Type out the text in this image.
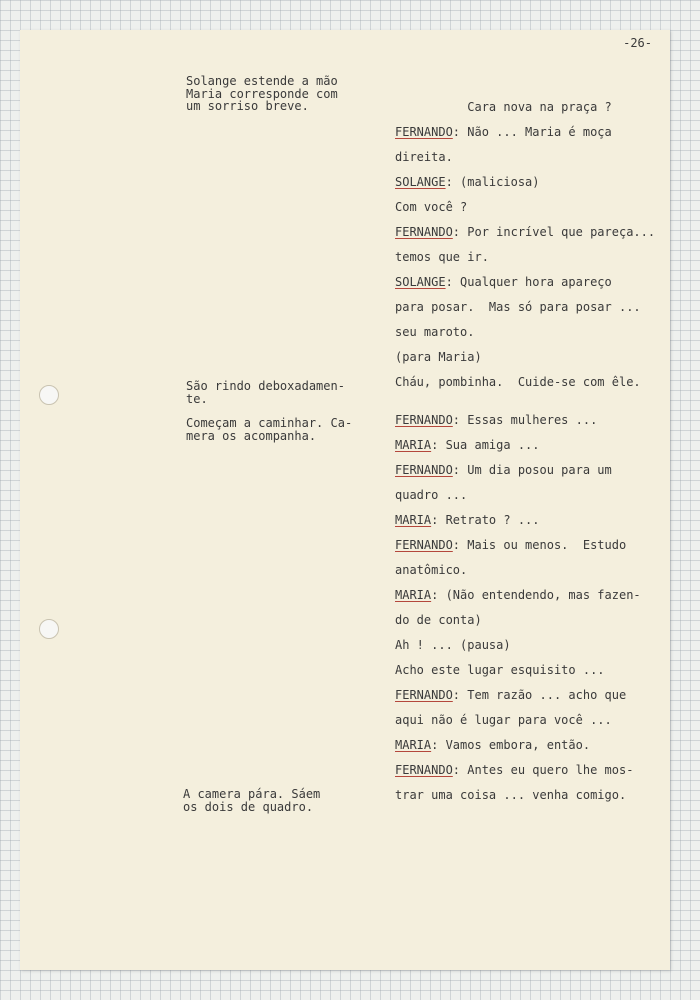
-26-
Solange estende a mão
Maria corresponde com
um sorriso breve.
São rindo deboxadamen-
te.
Começam a caminhar. Ca-
mera os acompanha.
A camera pára. Sáem
os dois de quadro.
Cara nova na praça ?
FERNANDO: Não ... Maria é moça
direita.
SOLANGE: (maliciosa)
Com você ?
FERNANDO: Por incrível que pareça...
temos que ir.
SOLANGE: Qualquer hora apareço
para posar.  Mas só para posar ...
seu maroto.
(para Maria)
Cháu, pombinha.  Cuide-se com êle.
FERNANDO: Essas mulheres ...
MARIA: Sua amiga ...
FERNANDO: Um dia posou para um
quadro ...
MARIA: Retrato ? ...
FERNANDO: Mais ou menos.  Estudo
anatômico.
MARIA: (Não entendendo, mas fazen-
do de conta)
Ah ! ... (pausa)
Acho este lugar esquisito ...
FERNANDO: Tem razão ... acho que
aqui não é lugar para você ...
MARIA: Vamos embora, então.
FERNANDO: Antes eu quero lhe mos-
trar uma coisa ... venha comigo.
